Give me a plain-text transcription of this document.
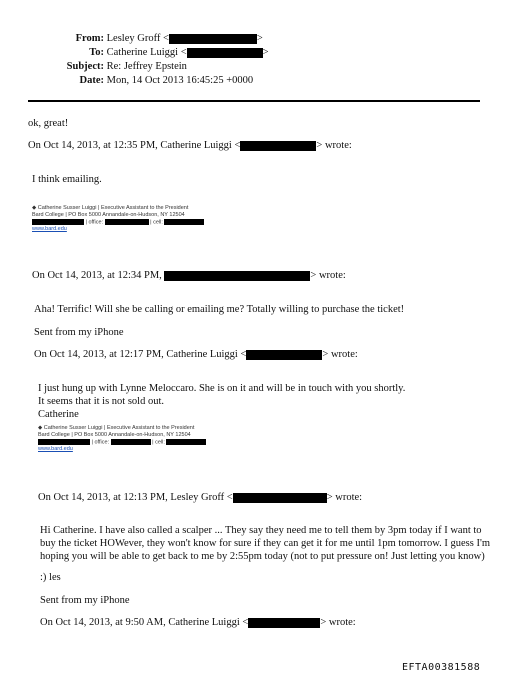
From: Lesley Groff <	>
To: Catherine Luiggi <	>
Subject: Re: Jeffrey Epstein
Date: Mon, 14 Oct 2013 16:45:25 +0000
ok, great!
On Oct 14, 2013, at 12:35 PM, Catherine Luiggi <	> wrote:
I think emailing.
◆ Catherine Susser Luiggi | Executive Assistant to the President
Bard College | PO Box 5000 Annandale-on-Hudson, NY 12504
| office:	| cell:
www.bard.edu
On Oct 14, 2013, at 12:34 PM,	> wrote:
Aha! Terrific! Will she be calling or emailing me? Totally willing to purchase the ticket!
Sent from my iPhone
On Oct 14, 2013, at 12:17 PM, Catherine Luiggi <	> wrote:
I just hung up with Lynne Meloccaro. She is on it and will be in touch with you shortly.
It seems that it is not sold out.
Catherine
◆ Catherine Susser Luiggi | Executive Assistant to the President
Bard College | PO Box 5000 Annandale-on-Hudson, NY 12504
| office:	| cell:
www.bard.edu
On Oct 14, 2013, at 12:13 PM, Lesley Groff <	> wrote:
Hi Catherine. I have also called a scalper ... They say they need me to tell them by 3pm today if I want to
buy the ticket HOWever, they won't know for sure if they can get it for me until 1pm tomorrow. I guess I'm
hoping you will be able to get back to me by 2:55pm today (not to put pressure on! Just letting you know)
:) les
Sent from my iPhone
On Oct 14, 2013, at 9:50 AM, Catherine Luiggi <	> wrote:
EFTA00381588
